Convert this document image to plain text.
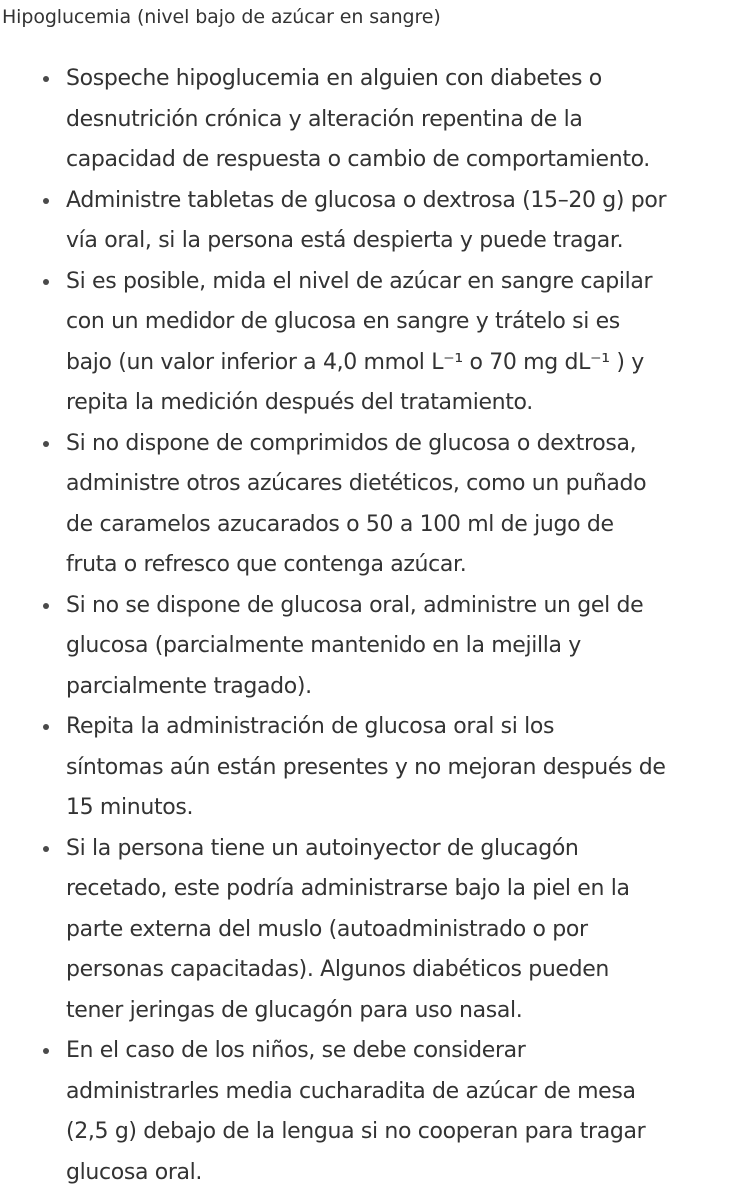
Hipoglucemia (nivel bajo de azúcar en sangre)
Sospeche hipoglucemia en alguien con diabetes o
desnutrición crónica y alteración repentina de la
capacidad de respuesta o cambio de comportamiento.
Administre tabletas de glucosa o dextrosa (15–20 g) por
vía oral, si la persona está despierta y puede tragar.
Si es posible, mida el nivel de azúcar en sangre capilar
con un medidor de glucosa en sangre y trátelo si es
bajo (un valor inferior a 4,0 mmol L⁻¹ o 70 mg dL⁻¹ ) y
repita la medición después del tratamiento.
Si no dispone de comprimidos de glucosa o dextrosa,
administre otros azúcares dietéticos, como un puñado
de caramelos azucarados o 50 a 100 ml de jugo de
fruta o refresco que contenga azúcar.
Si no se dispone de glucosa oral, administre un gel de
glucosa (parcialmente mantenido en la mejilla y
parcialmente tragado).
Repita la administración de glucosa oral si los
síntomas aún están presentes y no mejoran después de
15 minutos.
Si la persona tiene un autoinyector de glucagón
recetado, este podría administrarse bajo la piel en la
parte externa del muslo (autoadministrado o por
personas capacitadas). Algunos diabéticos pueden
tener jeringas de glucagón para uso nasal.
En el caso de los niños, se debe considerar
administrarles media cucharadita de azúcar de mesa
(2,5 g) debajo de la lengua si no cooperan para tragar
glucosa oral.
